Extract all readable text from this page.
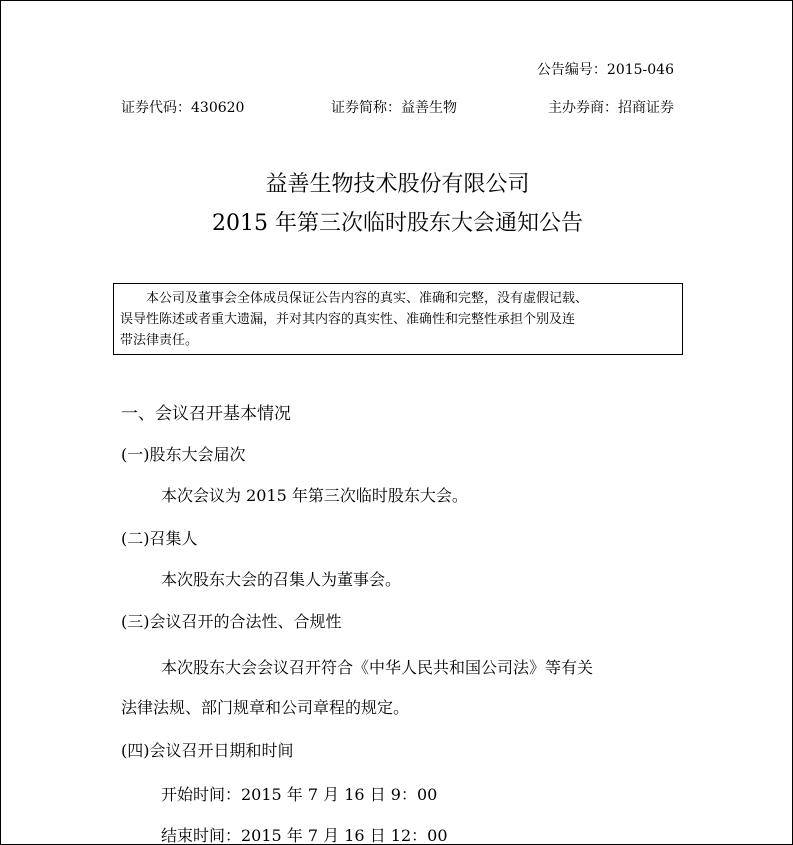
公告编号：2015-046
证券代码：430620	证券简称：益善生物	主办券商：招商证券
益善生物技术股份有限公司
2015 年第三次临时股东大会通知公告
本公司及董事会全体成员保证公告内容的真实、准确和完整，没有虚假记载、
误导性陈述或者重大遗漏，并对其内容的真实性、准确性和完整性承担个别及连
带法律责任。
一、会议召开基本情况
(一)股东大会届次
本次会议为 2015 年第三次临时股东大会。
(二)召集人
本次股东大会的召集人为董事会。
(三)会议召开的合法性、合规性
本次股东大会会议召开符合《中华人民共和国公司法》等有关
法律法规、部门规章和公司章程的规定。
(四)会议召开日期和时间
开始时间：2015 年 7 月 16 日 9：00
结束时间：2015 年 7 月 16 日 12：00
